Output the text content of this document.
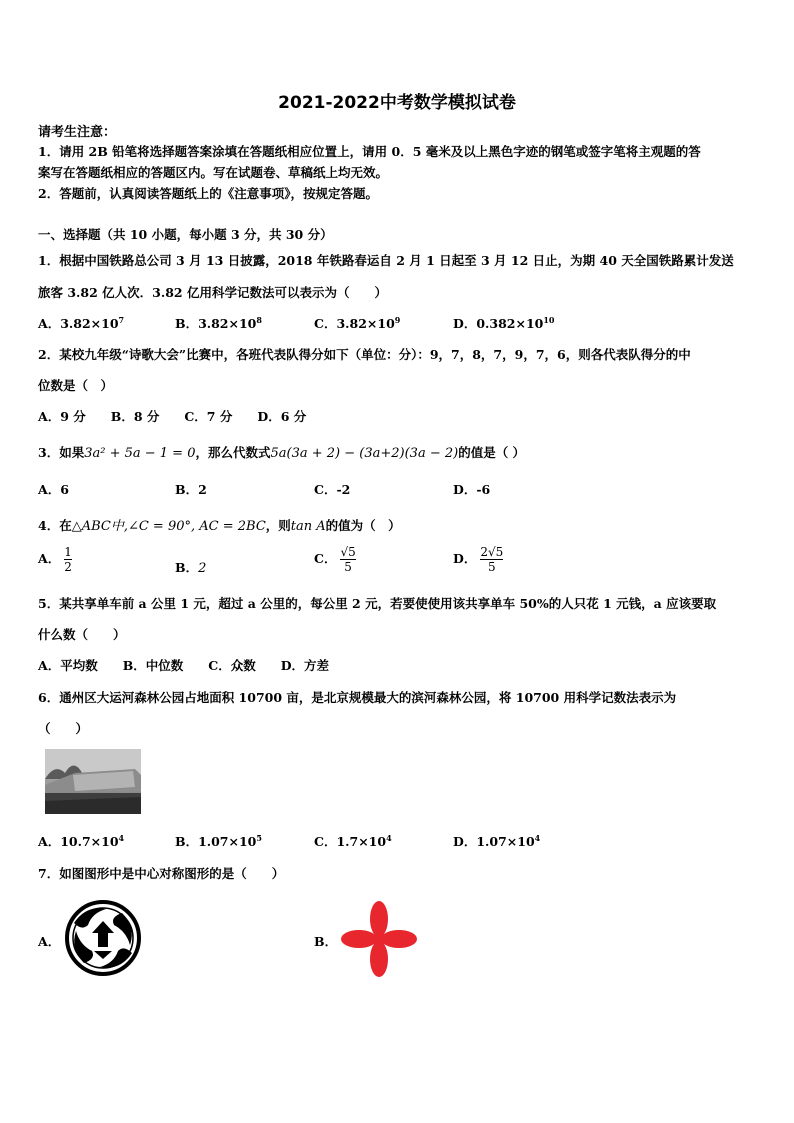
2021-2022中考数学模拟试卷
请考生注意：
1．请用 2B 铅笔将选择题答案涂填在答题纸相应位置上，请用 0．5 毫米及以上黑色字迹的钢笔或签字笔将主观题的答
案写在答题纸相应的答题区内。写在试题卷、草稿纸上均无效。
2．答题前，认真阅读答题纸上的《注意事项》，按规定答题。
一、选择题（共 10 小题，每小题 3 分，共 30 分）
1．根据中国铁路总公司 3 月 13 日披露，2018 年铁路春运自 2 月 1 日起至 3 月 12 日止，为期 40 天全国铁路累计发送
旅客 3.82 亿人次．3.82 亿用科学记数法可以表示为（　　）
A．$3.82\times 10^7$	B．$3.82\times 10^8$	C．$3.82\times 10^9$	D．$0.382\times 10^{10}$
2．某校九年级“诗歌大会”比赛中，各班代表队得分如下（单位：分）：9，7，8，7，9，7，6，则各代表队得分的中
位数是（　）
A．9 分　　B．8 分　　C．7 分　　D．6 分
3．如果3a² + 5a − 1 = 0，那么代数式5a(3a + 2) − (3a+2)(3a − 2)的值是（ ）
A．6	B．2	C．-2	D．-6
4．在△ABC中,∠C = 90°, AC = 2BC，则tan A的值为（　）
A． $\frac{1}{2}$	B．2
C． $\frac{√5}{5}$	D． $\frac{2√5}{5}$
5．某共享单车前 a 公里 1 元，超过 a 公里的，每公里 2 元，若要使使用该共享单车 50%的人只花 1 元钱，a 应该要取
什么数（　　）
A．平均数　　B．中位数　　C．众数　　D．方差
6．通州区大运河森林公园占地面积 10700 亩，是北京规模最大的滨河森林公园，将 10700 用科学记数法表示为
（　　）
A．$10.7\times 10^4$	B．$1.07\times 10^5$	C．$1.7\times 10^4$	D．$1.07\times 10^4$
7．如图图形中是中心对称图形的是（　　）
A．	B．
